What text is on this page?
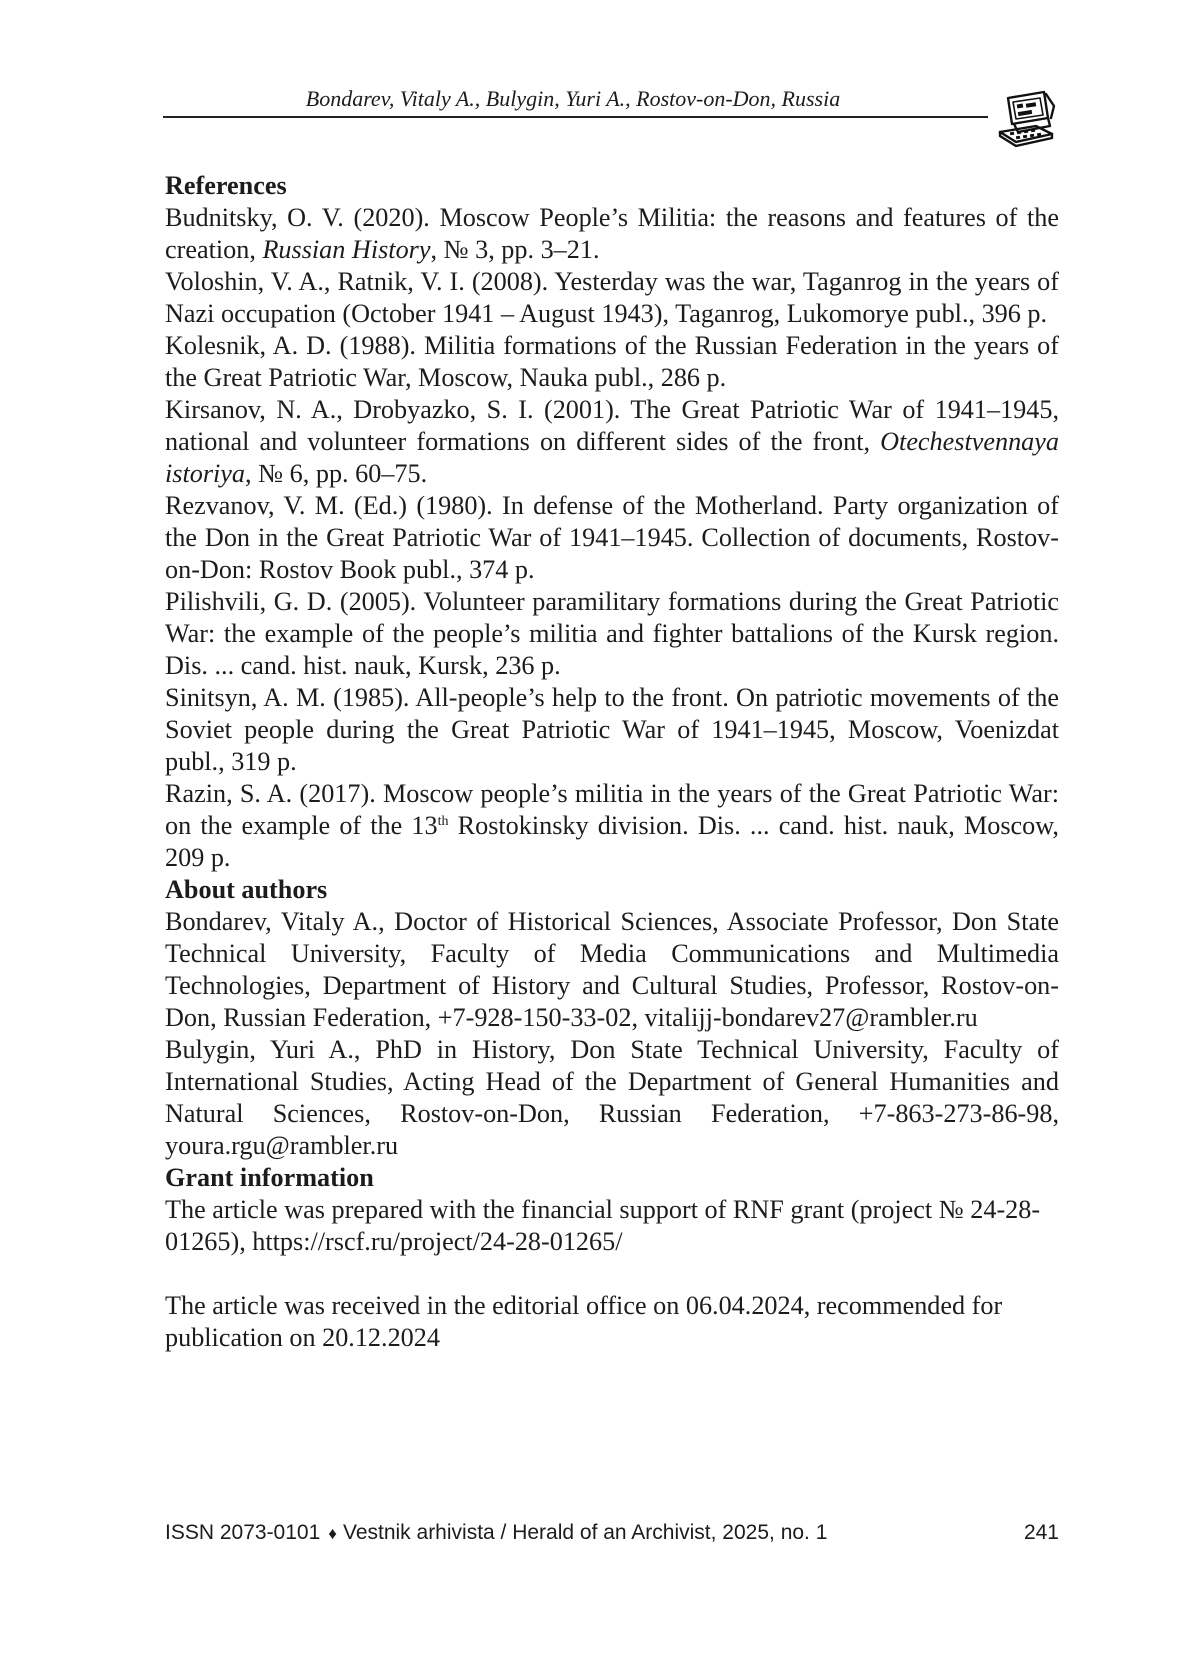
Bondarev, Vitaly A., Bulygin, Yuri A., Rostov-on-Don, Russia
References

Budnitsky, O. V. (2020). Moscow People’s Militia: the reasons and features of the creation, Russian History, № 3, pp. 3–21.

Voloshin, V. A., Ratnik, V. I. (2008). Yesterday was the war, Taganrog in the years of Nazi occupation (October 1941 – August 1943), Taganrog, Lukomorye publ., 396 p.

Kolesnik, A. D. (1988). Militia formations of the Russian Federation in the years of the Great Patriotic War, Moscow, Nauka publ., 286 p.

Kirsanov, N. A., Drobyazko, S. I. (2001). The Great Patriotic War of 1941–1945, national and volunteer formations on different sides of the front, Otechestvennaya istoriya, № 6, pp. 60–75.

Rezvanov, V. M. (Ed.) (1980). In defense of the Motherland. Party organization of the Don in the Great Patriotic War of 1941–1945. Collection of documents, Rostov-on-Don: Rostov Book publ., 374 p.

Pilishvili, G. D. (2005). Volunteer paramilitary formations during the Great Patriotic War: the example of the people’s militia and fighter battalions of the Kursk region. Dis. ... cand. hist. nauk, Kursk, 236 p.

Sinitsyn, A. M. (1985). All-people’s help to the front. On patriotic movements of the Soviet people during the Great Patriotic War of 1941–1945, Moscow, Voenizdat publ., 319 p.

Razin, S. A. (2017). Moscow people’s militia in the years of the Great Patriotic War: on the example of the 13th Rostokinsky division. Dis. ... cand. hist. nauk, Moscow, 209 p.

About authors

Bondarev, Vitaly A., Doctor of Historical Sciences, Associate Professor, Don State Technical University, Faculty of Media Communications and Multimedia Technologies, Department of History and Cultural Studies, Professor, Rostov-on-Don, Russian Federation, +7-928-150-33-02, vitalijj-bondarev27@rambler.ru

Bulygin, Yuri A., PhD in History, Don State Technical University, Faculty of International Studies, Acting Head of the Department of General Humanities and Natural Sciences, Rostov-on-Don, Russian Federation, +7-863-273-86-98, youra.rgu@rambler.ru

Grant information

The article was prepared with the financial support of RNF grant (project № 24-28-01265), https://rscf.ru/project/24-28-01265/

The article was received in the editorial office on 06.04.2024, recommended for publication on 20.12.2024

ISSN 2073-0101 ♦ Vestnik arhivista / Herald of an Archivist, 2025, no. 1	241
